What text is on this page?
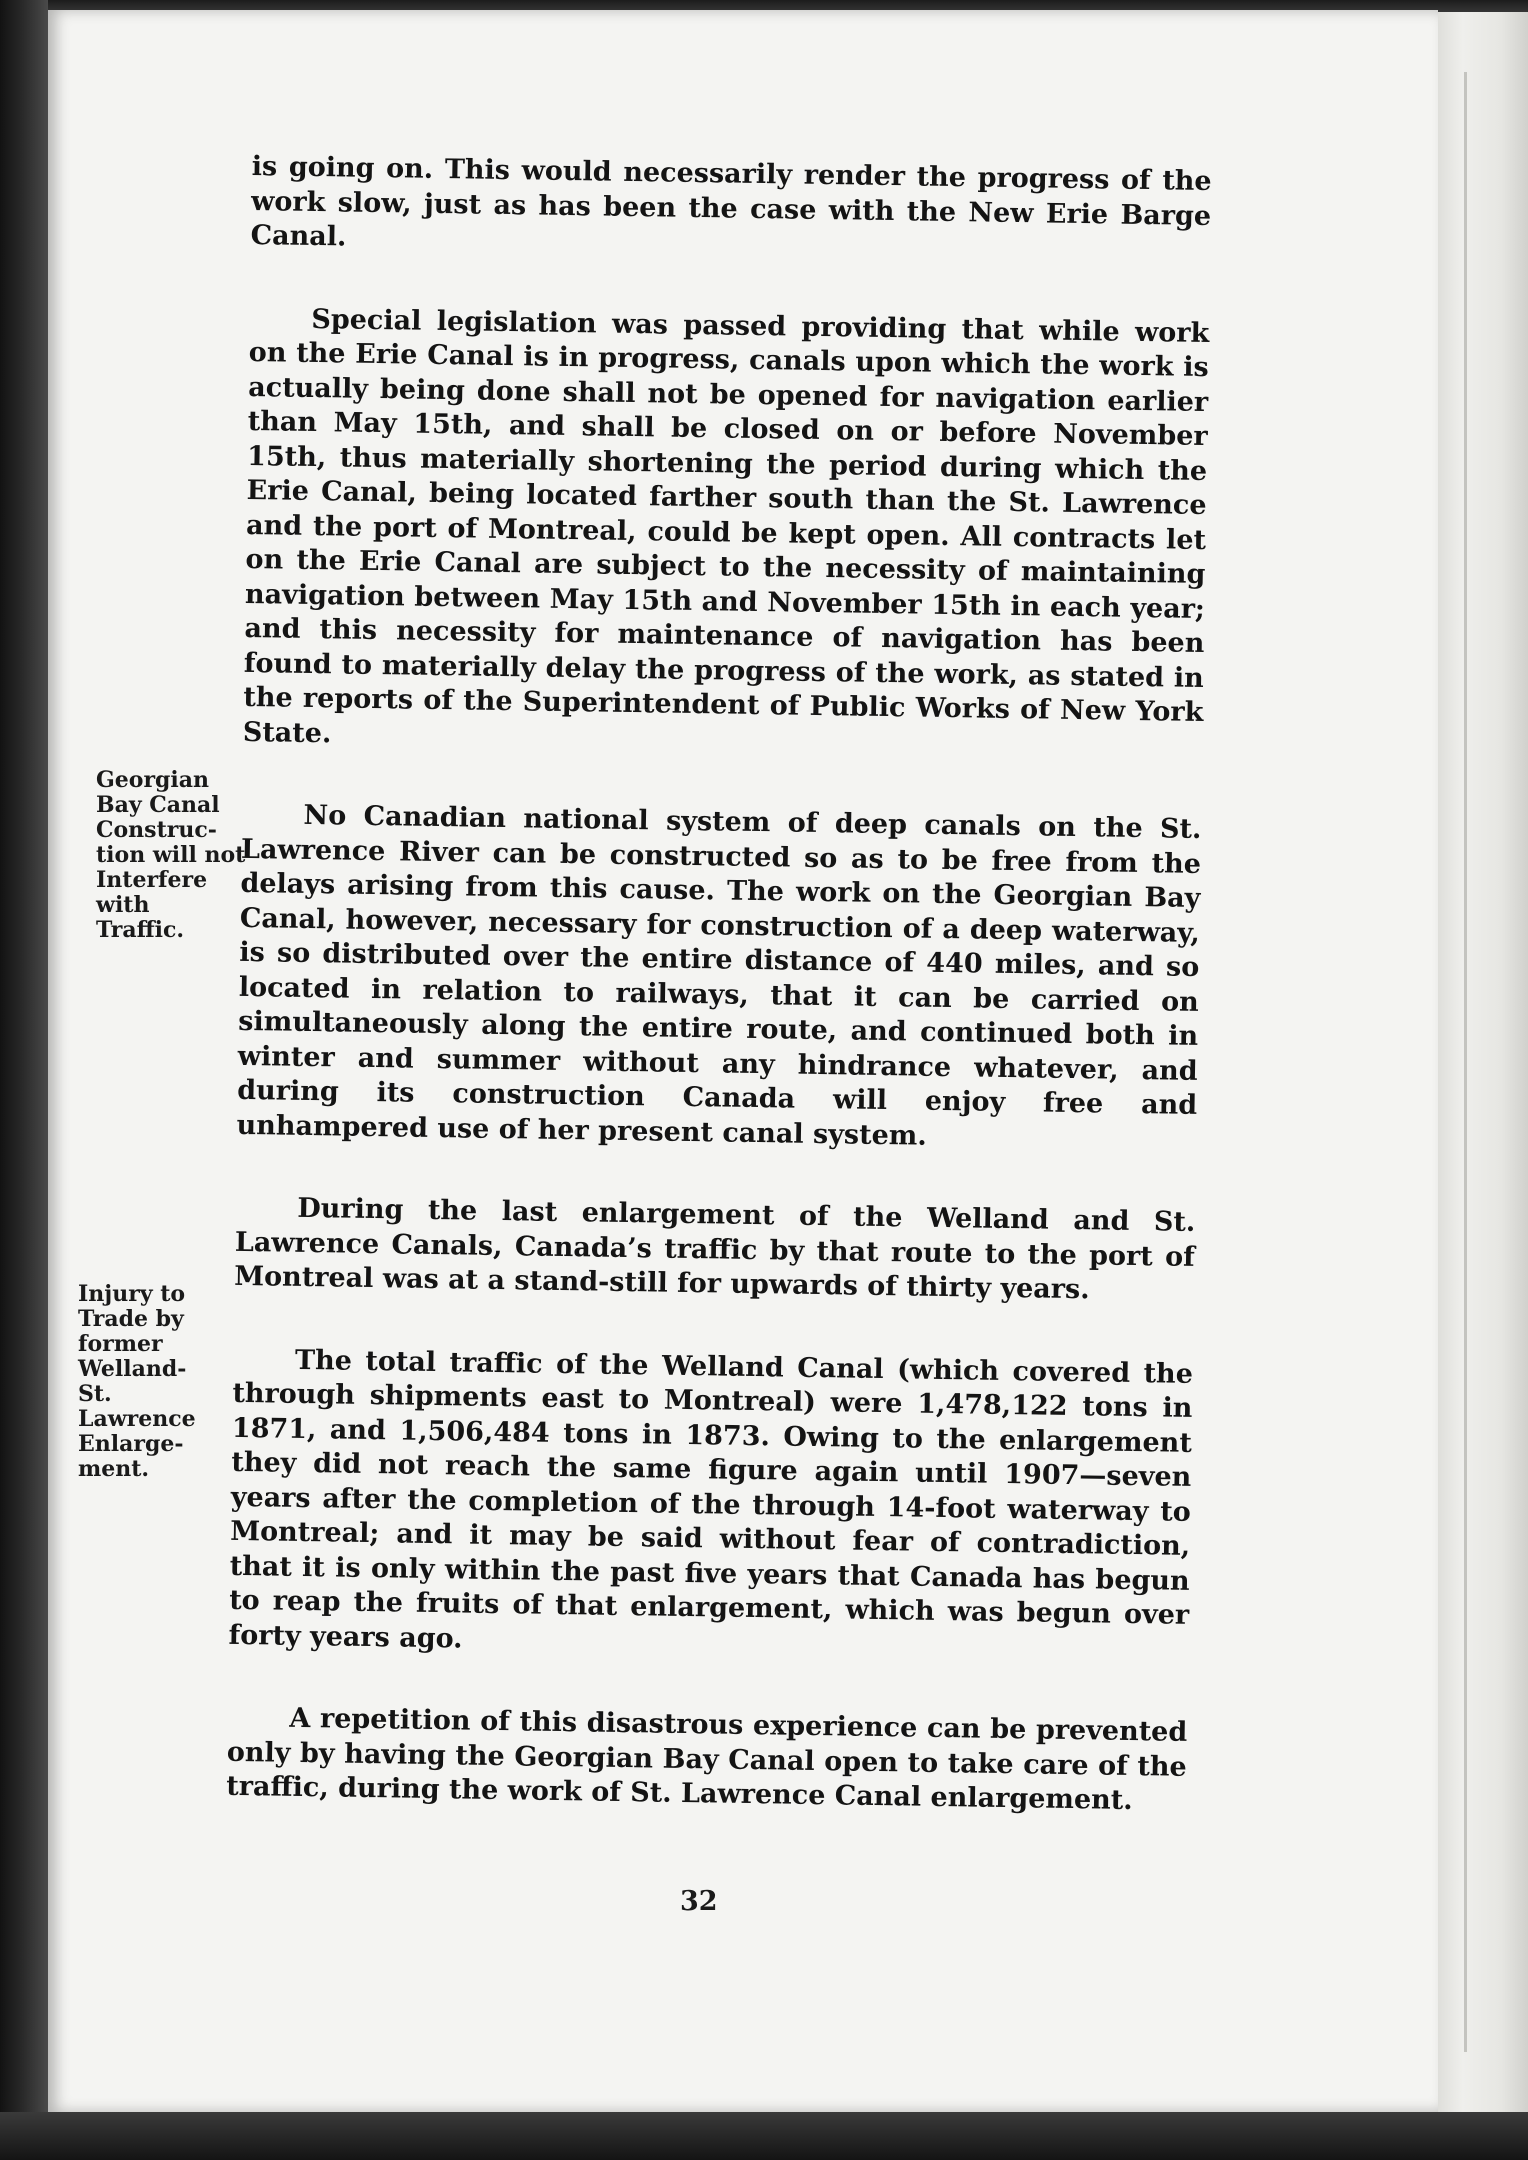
Georgian
Bay Canal
Construc-
tion will not
Interfere
with
Traffic.
Injury to
Trade by
former
Welland-
St.
Lawrence
Enlarge-
ment.

is going on. This would necessarily render the progress of the work slow, just as has been the case with the New Erie Barge Canal.

Special legislation was passed providing that while work on the Erie Canal is in progress, canals upon which the work is actually being done shall not be opened for navigation earlier than May 15th, and shall be closed on or before November 15th, thus materially shortening the period during which the Erie Canal, being located farther south than the St. Lawrence and the port of Montreal, could be kept open. All contracts let on the Erie Canal are subject to the necessity of maintaining navigation between May 15th and November 15th in each year; and this necessity for maintenance of navigation has been found to materially delay the progress of the work, as stated in the reports of the Superintendent of Public Works of New York State.

No Canadian national system of deep canals on the St. Lawrence River can be constructed so as to be free from the delays arising from this cause. The work on the Georgian Bay Canal, however, necessary for construction of a deep waterway, is so distributed over the entire distance of 440 miles, and so located in relation to railways, that it can be carried on simultaneously along the entire route, and continued both in winter and summer without any hindrance whatever, and during its construction Canada will enjoy free and unhampered use of her present canal system.

During the last enlargement of the Welland and St. Lawrence Canals, Canada’s traffic by that route to the port of Montreal was at a stand-still for upwards of thirty years.

The total traffic of the Welland Canal (which covered the through shipments east to Montreal) were 1,478,122 tons in 1871, and 1,506,484 tons in 1873. Owing to the enlargement they did not reach the same figure again until 1907—seven years after the completion of the through 14-foot waterway to Montreal; and it may be said without fear of contradiction, that it is only within the past five years that Canada has begun to reap the fruits of that enlargement, which was begun over forty years ago.

A repetition of this disastrous experience can be prevented only by having the Georgian Bay Canal open to take care of the traffic, during the work of St. Lawrence Canal enlargement.

32
